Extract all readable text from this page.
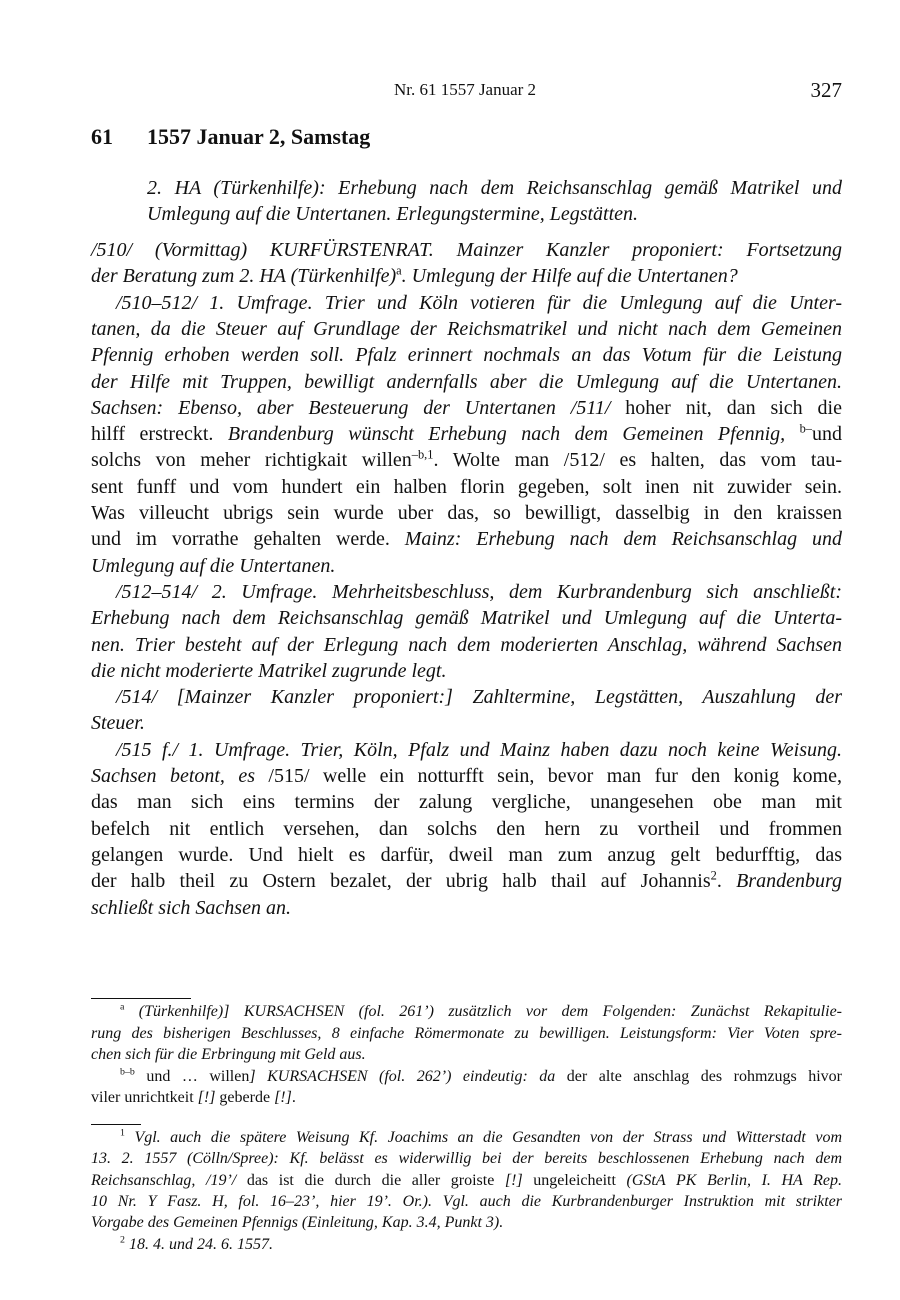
Nr. 61 1557 Januar 2	327
61 1557 Januar 2, Samstag
2. HA (Türkenhilfe): Erhebung nach dem Reichsanschlag gemäß Matrikel und
Umlegung auf die Untertanen. Erlegungstermine, Legstätten.
/510/ (Vormittag) KURFÜRSTENRAT. Mainzer Kanzler proponiert: Fortsetzung
der Beratung zum 2. HA (Türkenhilfe)$^a$. Umlegung der Hilfe auf die Untertanen?
/510–512/ 1. Umfrage. Trier und Köln votieren für die Umlegung auf die Unter-
tanen, da die Steuer auf Grundlage der Reichsmatrikel und nicht nach dem Gemeinen
Pfennig erhoben werden soll. Pfalz erinnert nochmals an das Votum für die Leistung
der Hilfe mit Truppen, bewilligt andernfalls aber die Umlegung auf die Untertanen.
Sachsen: Ebenso, aber Besteuerung der Untertanen /511/ hoher nit, dan sich die
hilff erstreckt. Brandenburg wünscht Erhebung nach dem Gemeinen Pfennig, $^{b-}$und
solchs von meher richtigkait willen$^{-b,1}$. Wolte man /512/ es halten, das vom tau-
sent funff und vom hundert ein halben florin gegeben, solt inen nit zuwider sein.
Was villeucht ubrigs sein wurde uber das, so bewilligt, dasselbig in den kraissen
und im vorrathe gehalten werde. Mainz: Erhebung nach dem Reichsanschlag und
Umlegung auf die Untertanen.
/512–514/ 2. Umfrage. Mehrheitsbeschluss, dem Kurbrandenburg sich anschließt:
Erhebung nach dem Reichsanschlag gemäß Matrikel und Umlegung auf die Unterta-
nen. Trier besteht auf der Erlegung nach dem moderierten Anschlag, während Sachsen
die nicht moderierte Matrikel zugrunde legt.
/514/ [Mainzer Kanzler proponiert:] Zahltermine, Legstätten, Auszahlung der
Steuer.
/515 f./ 1. Umfrage. Trier, Köln, Pfalz und Mainz haben dazu noch keine Weisung.
Sachsen betont, es /515/ welle ein notturfft sein, bevor man fur den konig kome,
das man sich eins termins der zalung vergliche, unangesehen obe man mit
befelch nit entlich versehen, dan solchs den hern zu vortheil und frommen
gelangen wurde. Und hielt es darfür, dweil man zum anzug gelt bedurfftig, das
der halb theil zu Ostern bezalet, der ubrig halb thail auf Johannis$^2$. Brandenburg
schließt sich Sachsen an.
$^a$ (Türkenhilfe)] KURSACHSEN (fol. 261’) zusätzlich vor dem Folgenden: Zunächst Rekapitulie-
rung des bisherigen Beschlusses, 8 einfache Römermonate zu bewilligen. Leistungsform: Vier Voten spre-
chen sich für die Erbringung mit Geld aus.
$^{b-b}$ und … willen] KURSACHSEN (fol. 262’) eindeutig: da der alte anschlag des rohmzugs hivor
viler unrichtkeit [!] geberde [!].
$^1$ Vgl. auch die spätere Weisung Kf. Joachims an die Gesandten von der Strass und Witterstadt vom
13. 2. 1557 (Cölln/Spree): Kf. belässt es widerwillig bei der bereits beschlossenen Erhebung nach dem
Reichsanschlag, /19’/ das ist die durch die aller groiste [!] ungeleicheitt (GStA PK Berlin, I. HA Rep.
10 Nr. Y Fasz. H, fol. 16–23’, hier 19’. Or.). Vgl. auch die Kurbrandenburger Instruktion mit strikter
Vorgabe des Gemeinen Pfennigs (Einleitung, Kap. 3.4, Punkt 3).
$^2$ 18. 4. und 24. 6. 1557.
